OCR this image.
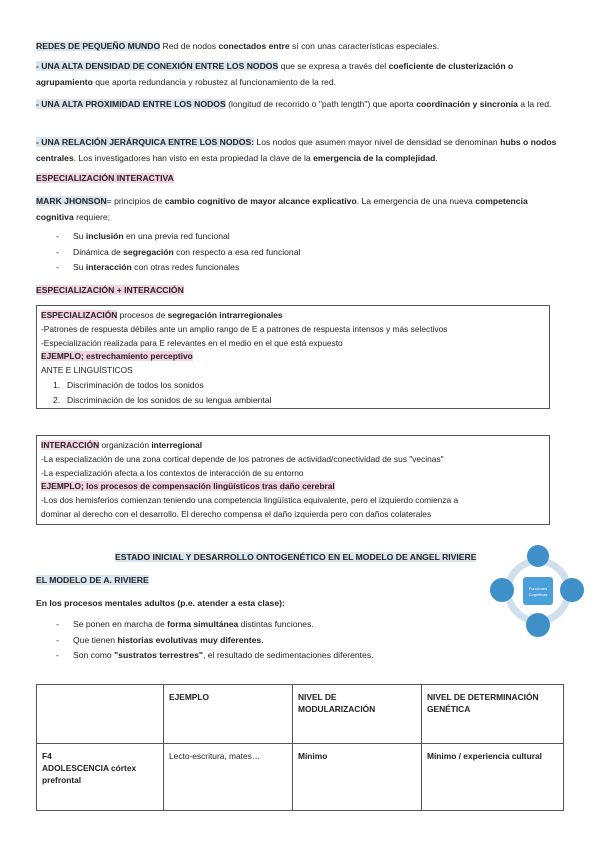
REDES DE PEQUEÑO MUNDO Red de nodos conectados entre sí con unas características especiales.

- UNA ALTA DENSIDAD DE CONEXIÓN ENTRE LOS NODOS que se expresa a través del coeficiente de clusterización o agrupamiento que aporta redundancia y robustez al funcionamiento de la red.

- UNA ALTA PROXIMIDAD ENTRE LOS NODOS (longitud de recorrido o "path length") que aporta coordinación y sincronía a la red.

- UNA RELACIÓN JERÁRQUICA ENTRE LOS NODOS: Los nodos que asumen mayor nivel de densidad se denominan hubs o nodos centrales. Los investigadores han visto en esta propiedad la clave de la emergencia de la complejidad.

ESPECIALIZACIÓN INTERACTIVA

MARK JHONSON= principios de cambio cognitivo de mayor alcance explicativo. La emergencia de una nueva competencia cognitiva requiere;

- Su inclusión en una previa red funcional
- Dinámica de segregación con respecto a esa red funcional
- Su interacción con otras redes funcionales

ESPECIALIZACIÓN + INTERACCIÓN

ESPECIALIZACIÓN procesos de segregación intrarregionales

-Patrones de respuesta débiles ante un amplio rango de E a patrones de respuesta intensos y más selectivos

-Especialización realizada para E relevantes en el medio en el que está expuesto

EJEMPLO; estrechamiento perceptivo

ANTE E LINGUÍSTICOS

1. Discriminación de todos los sonidos
2. Discriminación de los sonidos de su lengua ambiental

INTERACCIÓN organización interregional

-La especialización de una zona cortical depende de los patrones de actividad/conectividad de sus "vecinas"

-La especialización afecta a los contextos de interacción de su entorno

EJEMPLO; los procesos de compensación lingüísticos tras daño cerebral

-Los dos hemisferios comienzan teniendo una competencia lingüística equivalente, pero el izquierdo comienza a

dominar al derecho con el desarrollo. El derecho compensa el daño izquierda pero con daños colaterales

ESTADO INICIAL Y DESARROLLO ONTOGENÉTICO EN EL MODELO DE ANGEL RIVIERE

EL MODELO DE A. RIVIERE

En los procesos mentales adultos (p.e. atender a esta clase):

- Se ponen en marcha de forma simultánea distintas funciones.
- Que tienen historias evolutivas muy diferentes.
- Son como "sustratos terrestres", el resultado de sedimentaciones diferentes.
Funciones
Cognitivas
	EJEMPLO	NIVEL DE MODULARIZACIÓN	NIVEL DE DETERMINACIÓN GENÉTICA
F4
ADOLESCENCIA córtex prefrontal	Lecto-escritura, mates…	Mínimo	Mínimo / experiencia cultural
